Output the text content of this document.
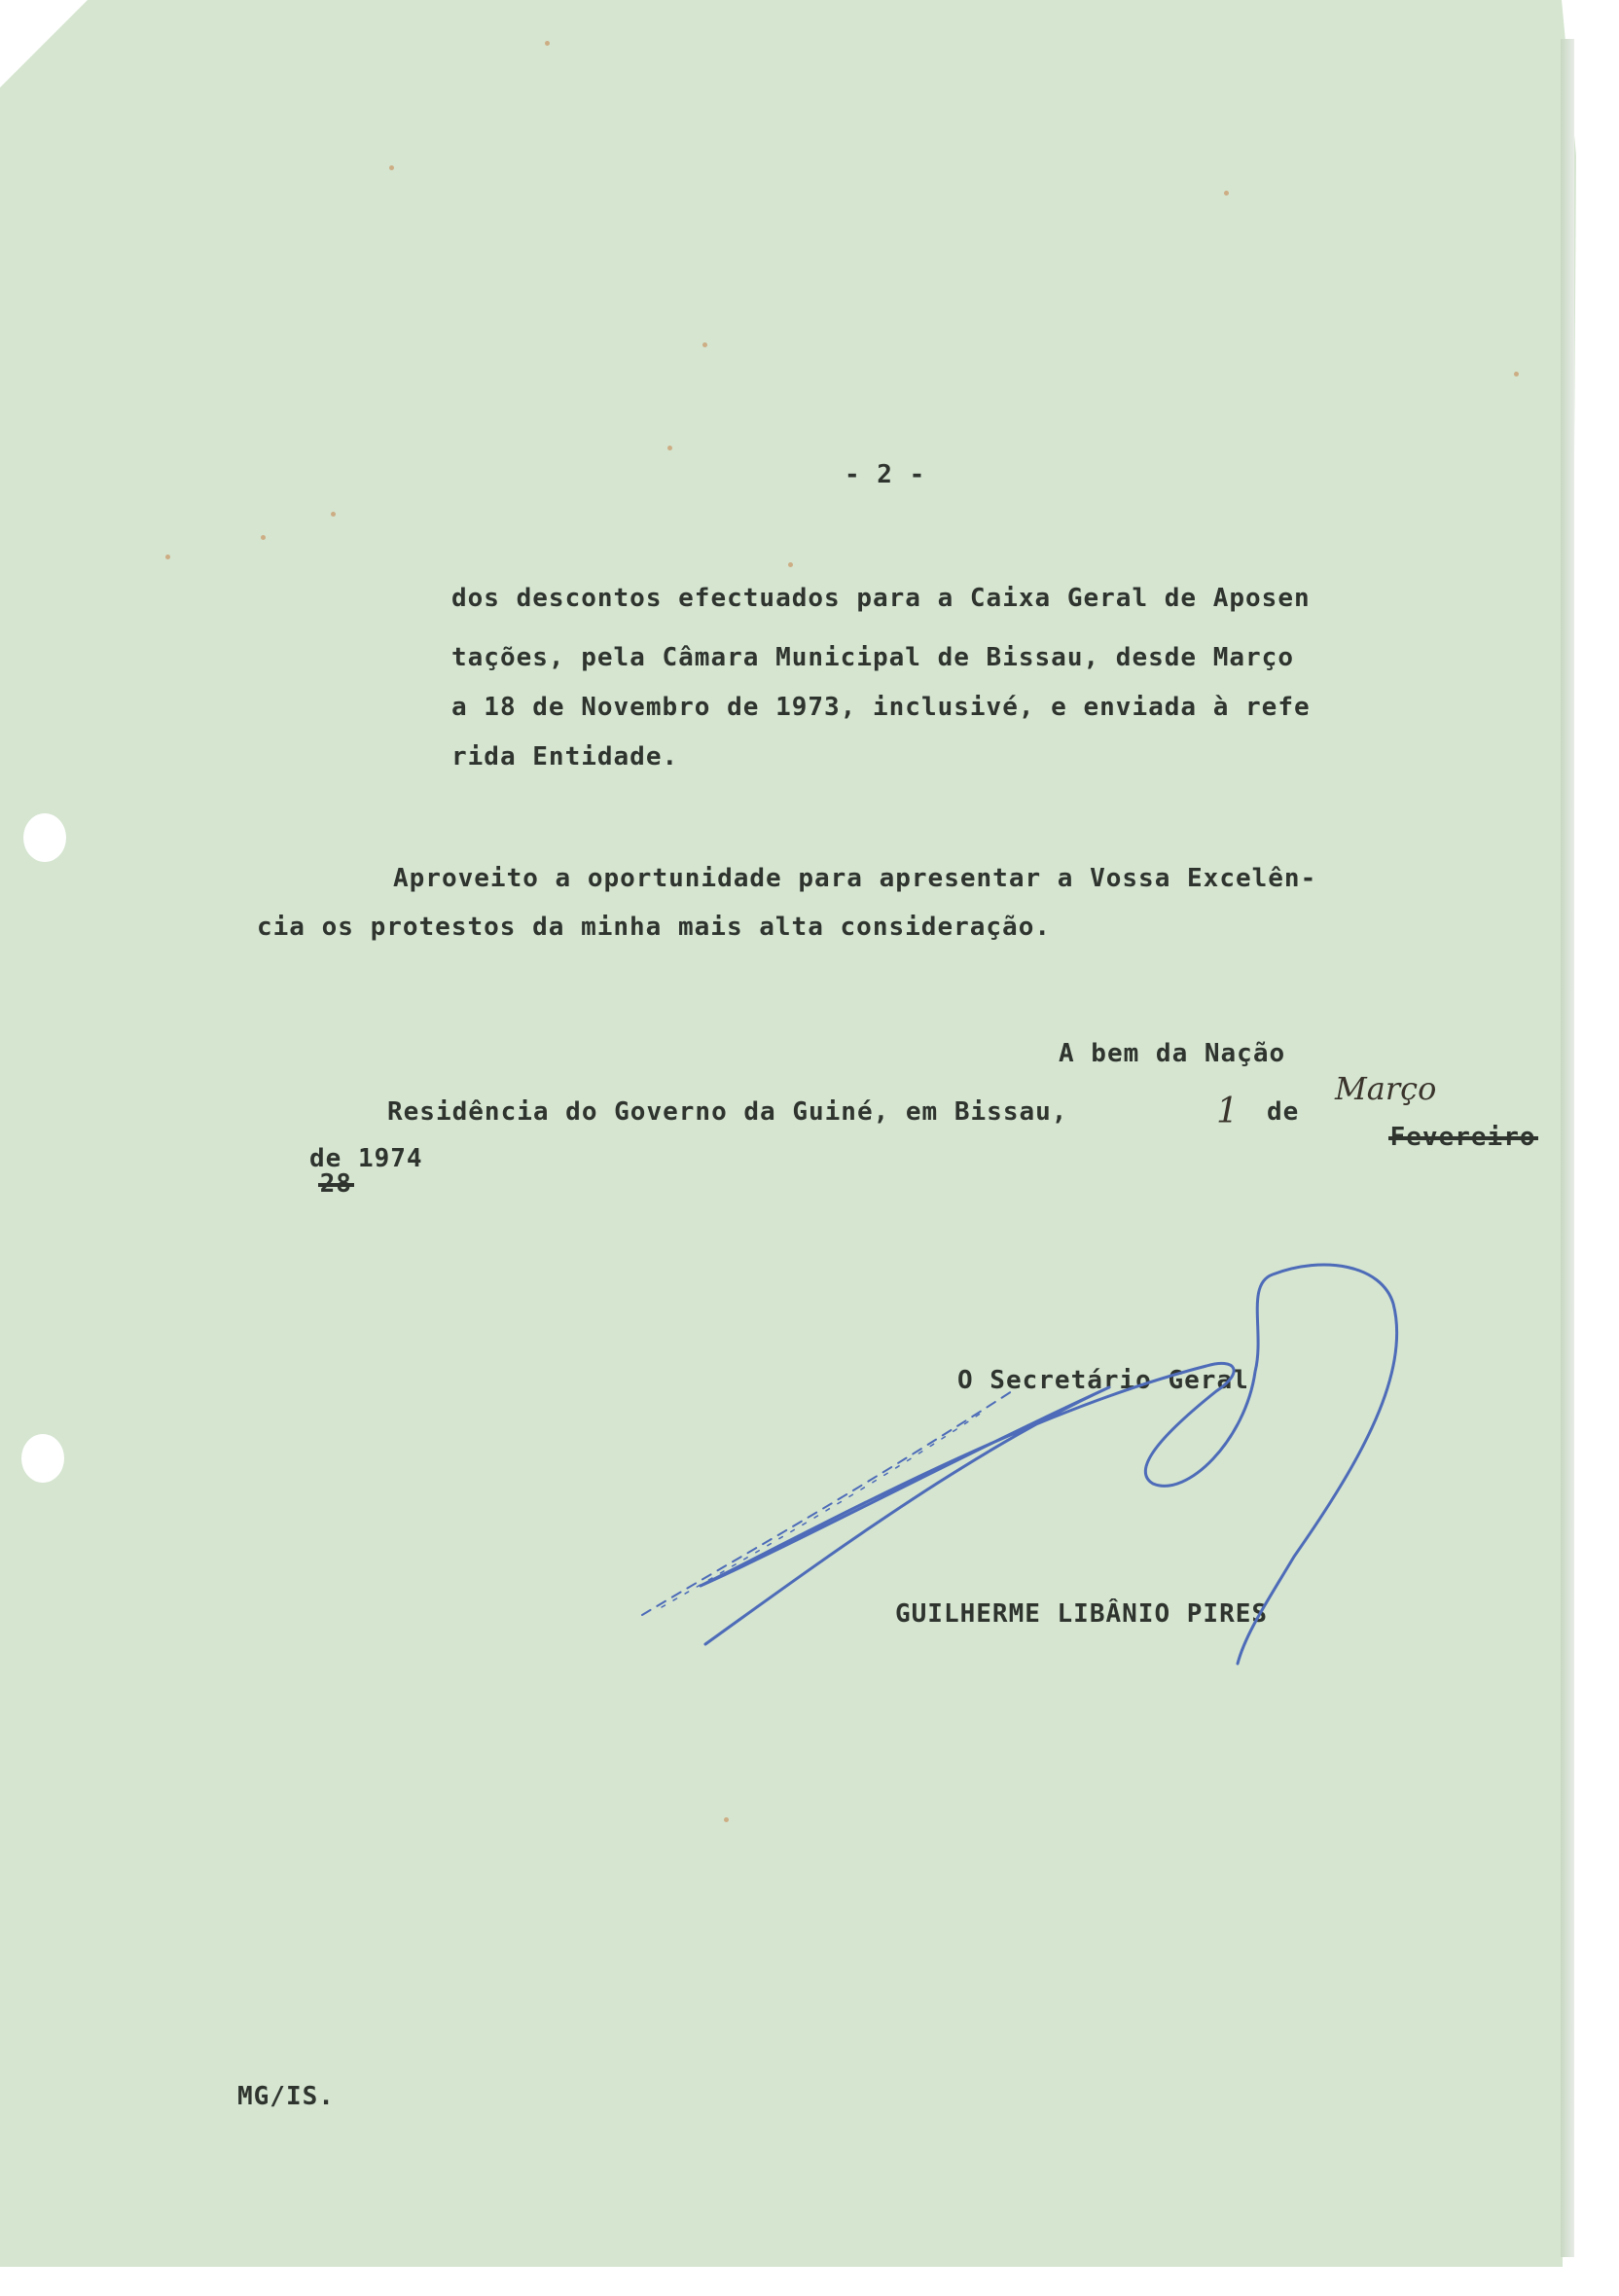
- 2 -
dos descontos efectuados para a Caixa Geral de Aposen
tações, pela Câmara Municipal de Bissau, desde Março
a 18 de Novembro de 1973, inclusivé, e enviada à refe
rida Entidade.
Aproveito a oportunidade para apresentar a Vossa Excelên-
cia os protestos da minha mais alta consideração.
A bem da Nação
Residência do Governo da Guiné, em Bissau,	1 de

Fevereiro

Março

28

de 1974
O Secretário Geral
GUILHERME LIBÂNIO PIRES
MG/IS.
